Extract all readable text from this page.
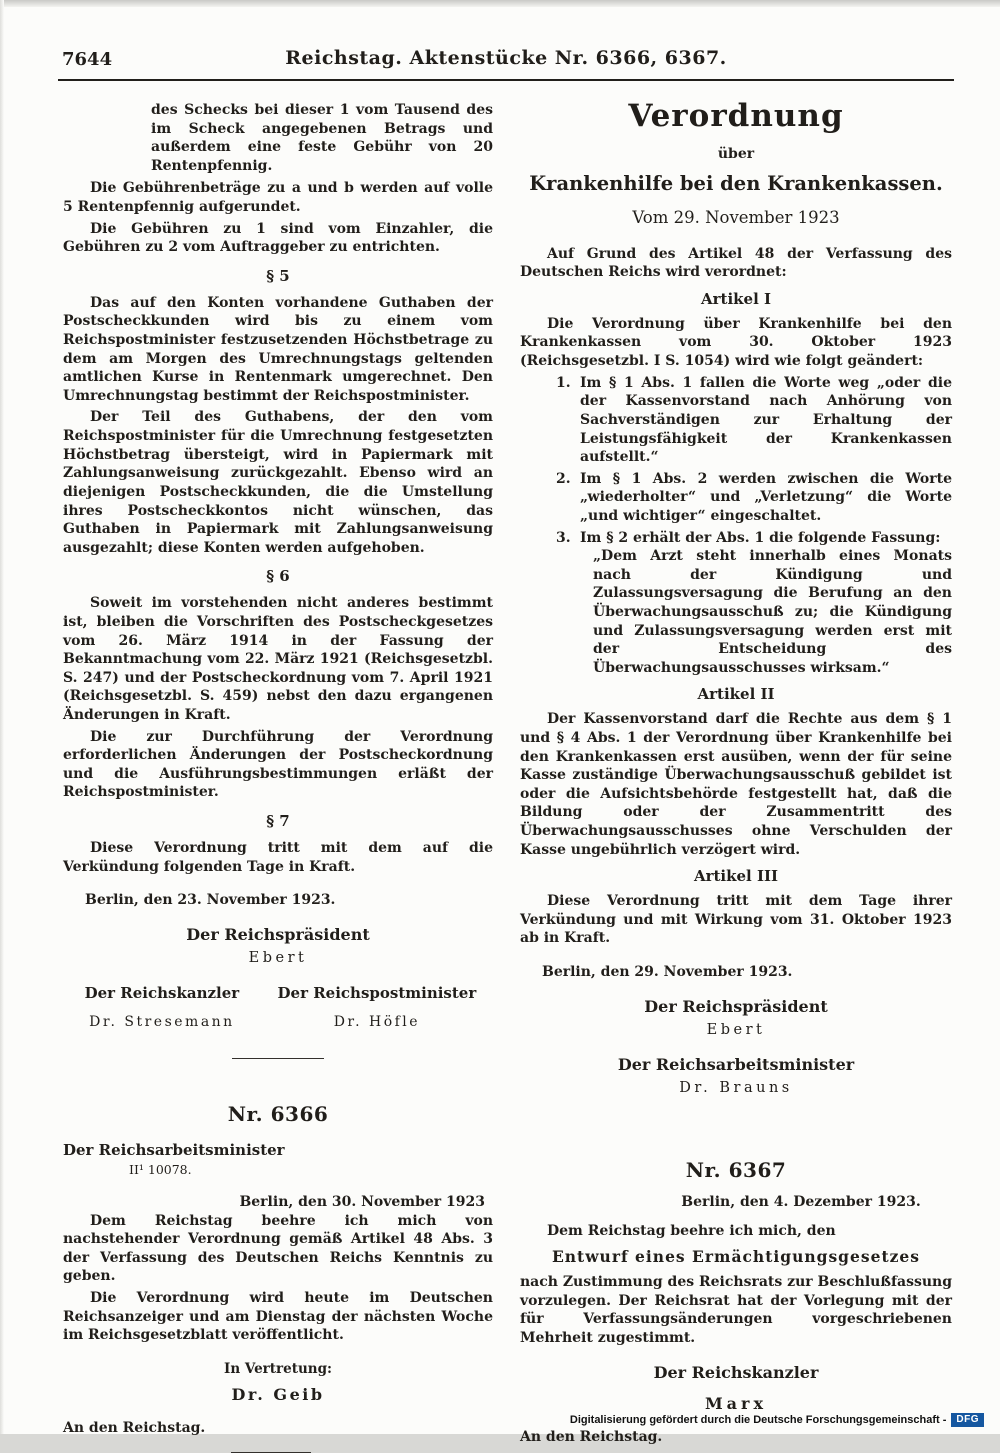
7644	Reichstag. Aktenstücke Nr. 6366, 6367.

des Schecks bei dieser 1 vom Tausend des im Scheck angegebenen Betrags und außerdem eine feste Gebühr von 20 Rentenpfennig.

Die Gebührenbeträge zu a und b werden auf volle 5 Rentenpfennig aufgerundet.

Die Gebühren zu 1 sind vom Einzahler, die Gebühren zu 2 vom Auftraggeber zu entrichten.

§ 5

Das auf den Konten vorhandene Guthaben der Postscheckkunden wird bis zu einem vom Reichspostminister festzusetzenden Höchstbetrage zu dem am Morgen des Umrechnungstags geltenden amtlichen Kurse in Rentenmark umgerechnet. Den Umrechnungstag bestimmt der Reichspostminister.

Der Teil des Guthabens, der den vom Reichspostminister für die Umrechnung festgesetzten Höchstbetrag übersteigt, wird in Papiermark mit Zahlungsanweisung zurückgezahlt. Ebenso wird an diejenigen Postscheckkunden, die die Umstellung ihres Postscheckkontos nicht wünschen, das Guthaben in Papiermark mit Zahlungsanweisung ausgezahlt; diese Konten werden aufgehoben.

§ 6

Soweit im vorstehenden nicht anderes bestimmt ist, bleiben die Vorschriften des Postscheckgesetzes vom 26. März 1914 in der Fassung der Bekanntmachung vom 22. März 1921 (Reichsgesetzbl. S. 247) und der Postscheckordnung vom 7. April 1921 (Reichsgesetzbl. S. 459) nebst den dazu ergangenen Änderungen in Kraft.

Die zur Durchführung der Verordnung erforderlichen Änderungen der Postscheckordnung und die Ausführungsbestimmungen erläßt der Reichspostminister.

§ 7

Diese Verordnung tritt mit dem auf die Verkündung folgenden Tage in Kraft.

Berlin, den 23. November 1923.

Der Reichspräsident
Ebert
Der Reichskanzler
Dr. Stresemann
Der Reichspostminister
Dr. Höfle
Nr. 6366
Der Reichsarbeitsminister
II¹ 10078.
Berlin, den 30. November 1923

Dem Reichstag beehre ich mich von nachstehender Verordnung gemäß Artikel 48 Abs. 3 der Verfassung des Deutschen Reichs Kenntnis zu geben.

Die Verordnung wird heute im Deutschen Reichsanzeiger und am Dienstag der nächsten Woche im Reichsgesetzblatt veröffentlicht.

In Vertretung:
Dr. Geib

An den Reichstag.

Verordnung
über
Krankenhilfe bei den Krankenkassen.
Vom 29. November 1923

Auf Grund des Artikel 48 der Verfassung des Deutschen Reichs wird verordnet:

Artikel I

Die Verordnung über Krankenhilfe bei den Krankenkassen vom 30. Oktober 1923 (Reichsgesetzbl. I S. 1054) wird wie folgt geändert:

1. Im § 1 Abs. 1 fallen die Worte weg „oder die der Kassenvorstand nach Anhörung von Sachverständigen zur Erhaltung der Leistungsfähigkeit der Krankenkassen aufstellt.“
2. Im § 1 Abs. 2 werden zwischen die Worte „wiederholter“ und „Verletzung“ die Worte „und wichtiger“ eingeschaltet.
3. Im § 2 erhält der Abs. 1 die folgende Fassung:
„Dem Arzt steht innerhalb eines Monats nach der Kündigung und Zulassungsversagung die Berufung an den Überwachungsausschuß zu; die Kündigung und Zulassungsversagung werden erst mit der Entscheidung des Überwachungsausschusses wirksam.“
Artikel II

Der Kassenvorstand darf die Rechte aus dem § 1 und § 4 Abs. 1 der Verordnung über Krankenhilfe bei den Krankenkassen erst ausüben, wenn der für seine Kasse zuständige Überwachungsausschuß gebildet ist oder die Aufsichtsbehörde festgestellt hat, daß die Bildung oder der Zusammentritt des Überwachungsausschusses ohne Verschulden der Kasse ungebührlich verzögert wird.

Artikel III

Diese Verordnung tritt mit dem Tage ihrer Verkündung und mit Wirkung vom 31. Oktober 1923 ab in Kraft.

Berlin, den 29. November 1923.

Der Reichspräsident
Ebert
Der Reichsarbeitsminister
Dr. Brauns
Nr. 6367
Berlin, den 4. Dezember 1923.

Dem Reichstag beehre ich mich, den

Entwurf eines Ermächtigungsgesetzes

nach Zustimmung des Reichsrats zur Beschlußfassung vorzulegen. Der Reichsrat hat der Vorlegung mit der für Verfassungsänderungen vorgeschriebenen Mehrheit zugestimmt.

Der Reichskanzler
Marx

An den Reichstag.

Digitalisierung gefördert durch die Deutsche Forschungsgemeinschaft -	DFG
